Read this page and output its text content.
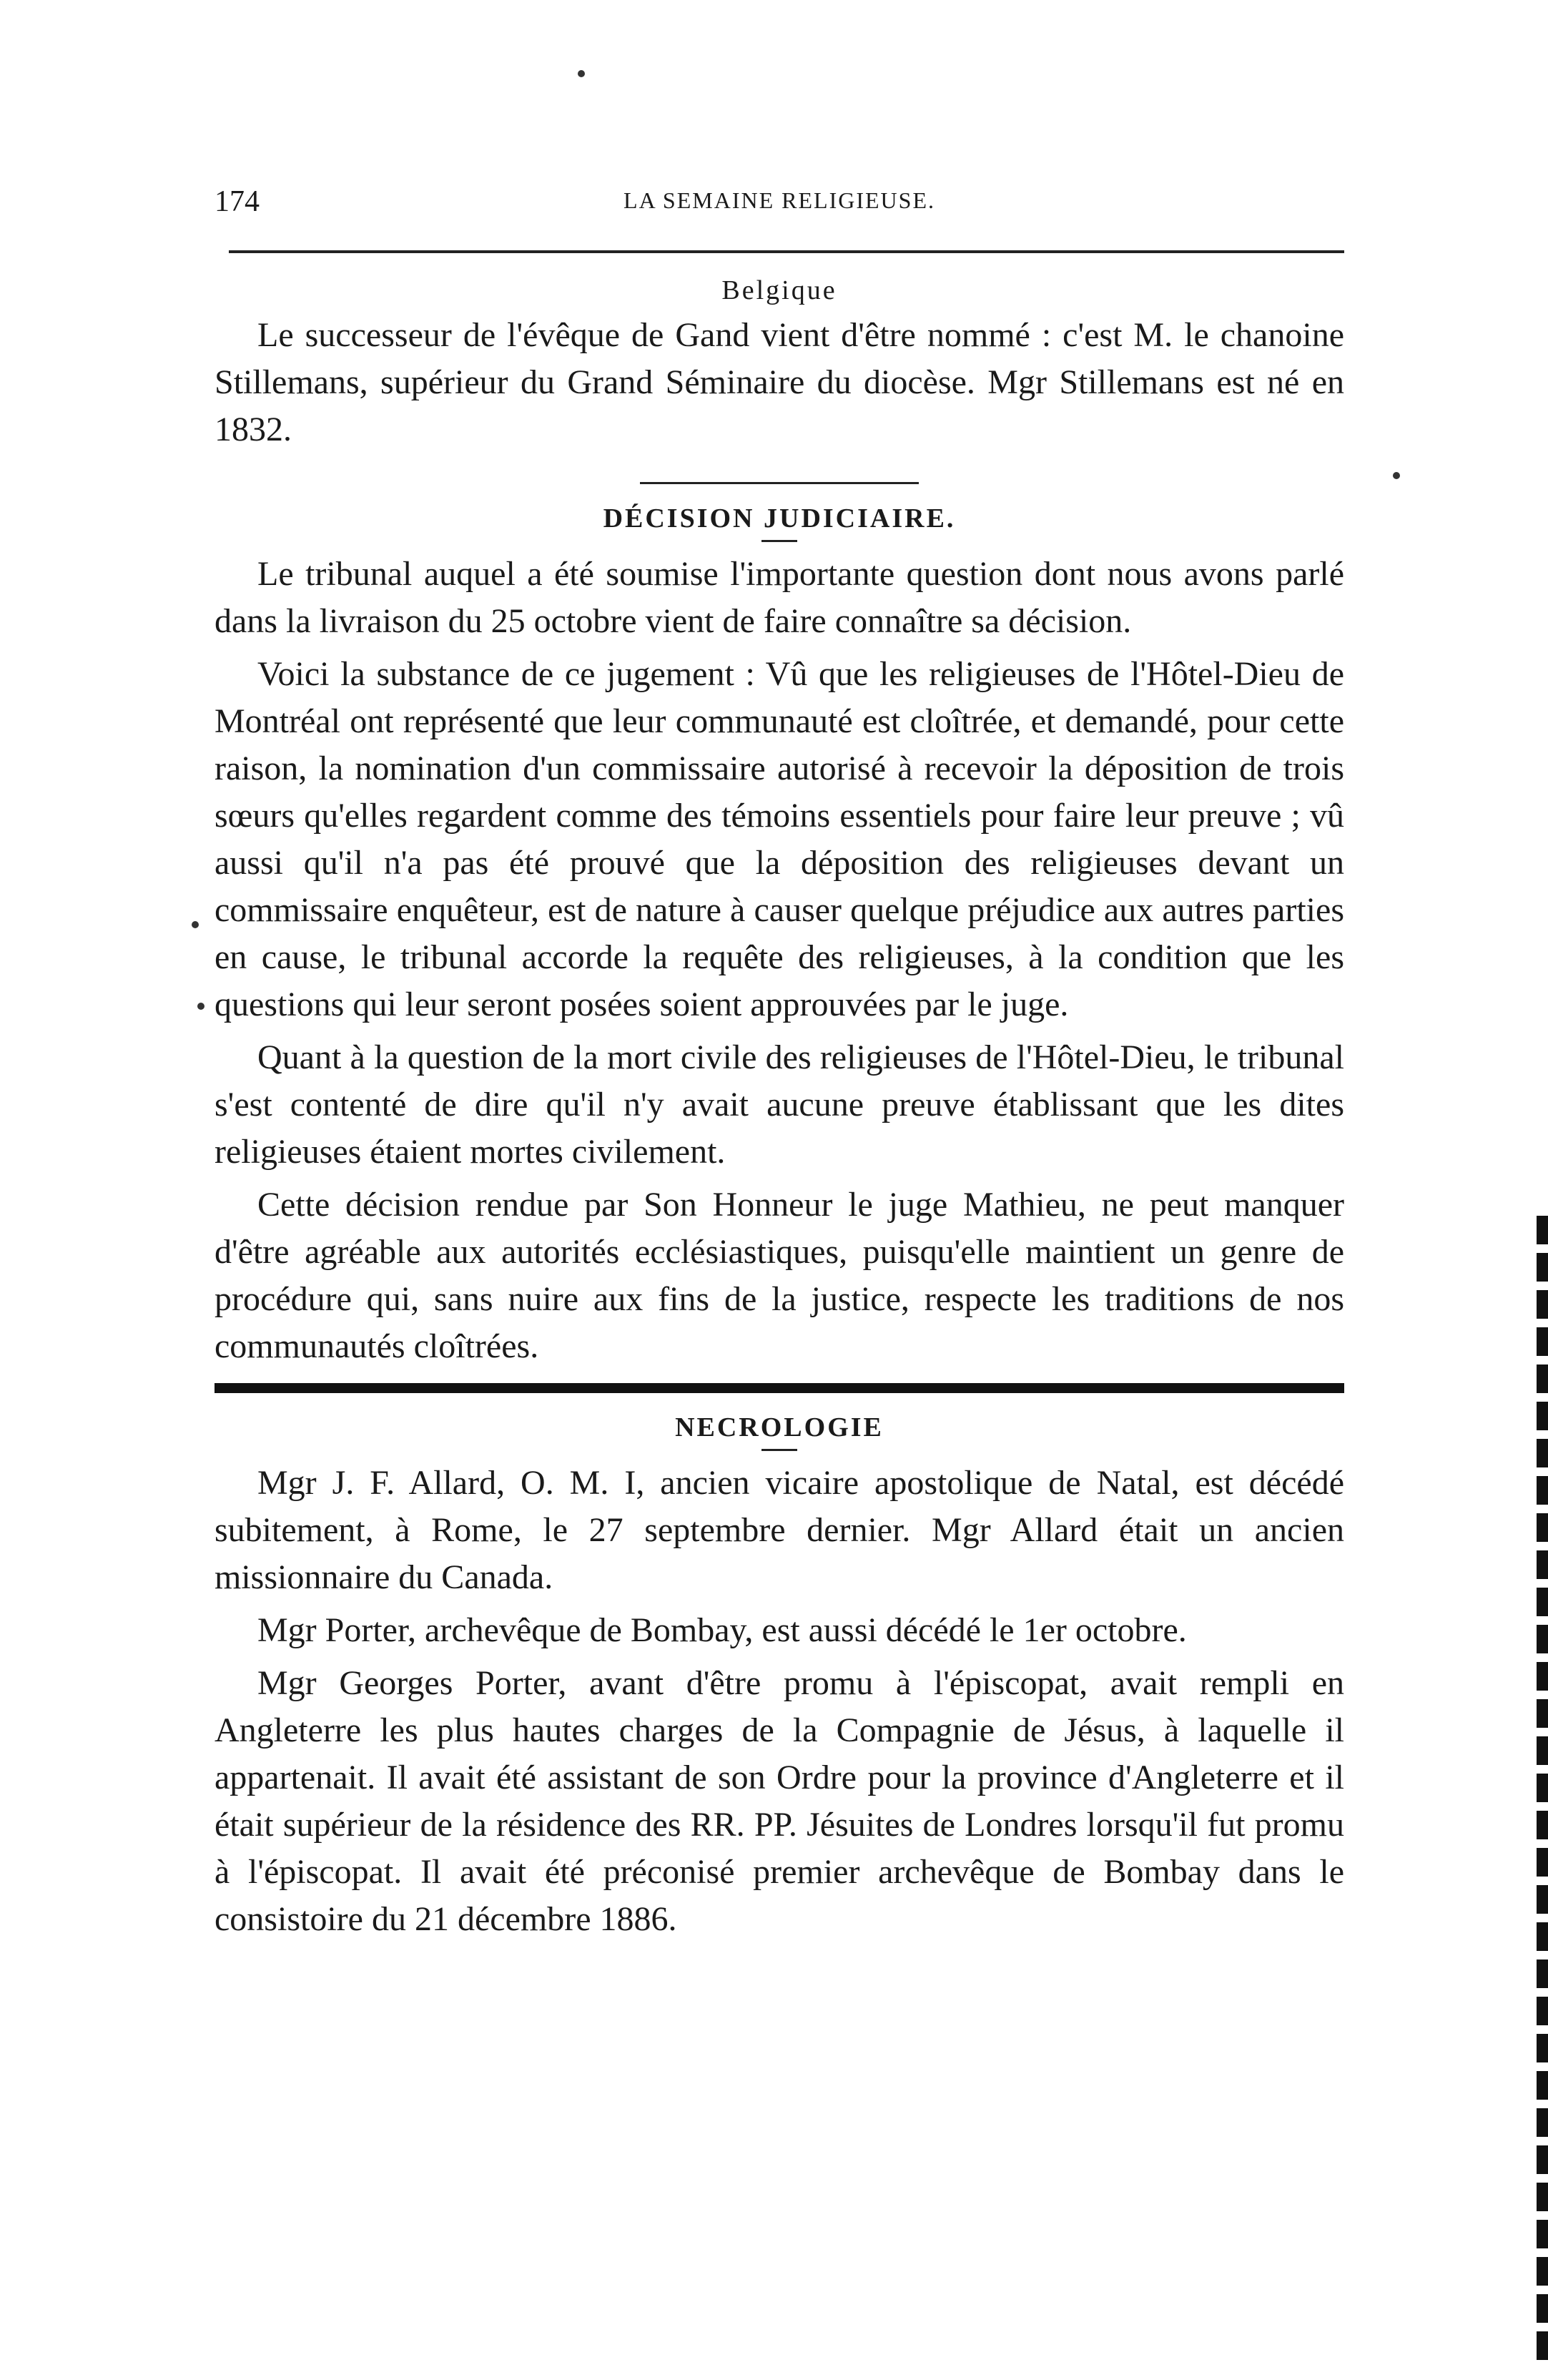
174	LA SEMAINE RELIGIEUSE.
Belgique

Le successeur de l'évêque de Gand vient d'être nommé : c'est M. le chanoine Stillemans, supérieur du Grand Séminaire du diocèse. Mgr Stillemans est né en 1832.

DÉCISION JUDICIAIRE.

Le tribunal auquel a été soumise l'importante question dont nous avons parlé dans la livraison du 25 octobre vient de faire connaître sa décision.

Voici la substance de ce jugement : Vû que les religieuses de l'Hôtel-Dieu de Montréal ont représenté que leur communauté est cloîtrée, et demandé, pour cette raison, la nomination d'un commissaire autorisé à recevoir la déposition de trois sœurs qu'elles regardent comme des témoins essentiels pour faire leur preuve ; vû aussi qu'il n'a pas été prouvé que la déposition des religieuses devant un commissaire enquêteur, est de nature à causer quelque préjudice aux autres parties en cause, le tribunal accorde la requête des religieuses, à la condition que les questions qui leur seront posées soient approuvées par le juge.

Quant à la question de la mort civile des religieuses de l'Hôtel-Dieu, le tribunal s'est contenté de dire qu'il n'y avait aucune preuve établissant que les dites religieuses étaient mortes civilement.

Cette décision rendue par Son Honneur le juge Mathieu, ne peut manquer d'être agréable aux autorités ecclésiastiques, puisqu'elle maintient un genre de procédure qui, sans nuire aux fins de la justice, respecte les traditions de nos communautés cloîtrées.

NECROLOGIE

Mgr J. F. Allard, O. M. I, ancien vicaire apostolique de Natal, est décédé subitement, à Rome, le 27 septembre dernier. Mgr Allard était un ancien missionnaire du Canada.

Mgr Porter, archevêque de Bombay, est aussi décédé le 1er octobre.

Mgr Georges Porter, avant d'être promu à l'épiscopat, avait rempli en Angleterre les plus hautes charges de la Compagnie de Jésus, à laquelle il appartenait. Il avait été assistant de son Ordre pour la province d'Angleterre et il était supérieur de la résidence des RR. PP. Jésuites de Londres lorsqu'il fut promu à l'épiscopat. Il avait été préconisé premier archevêque de Bombay dans le consistoire du 21 décembre 1886.
